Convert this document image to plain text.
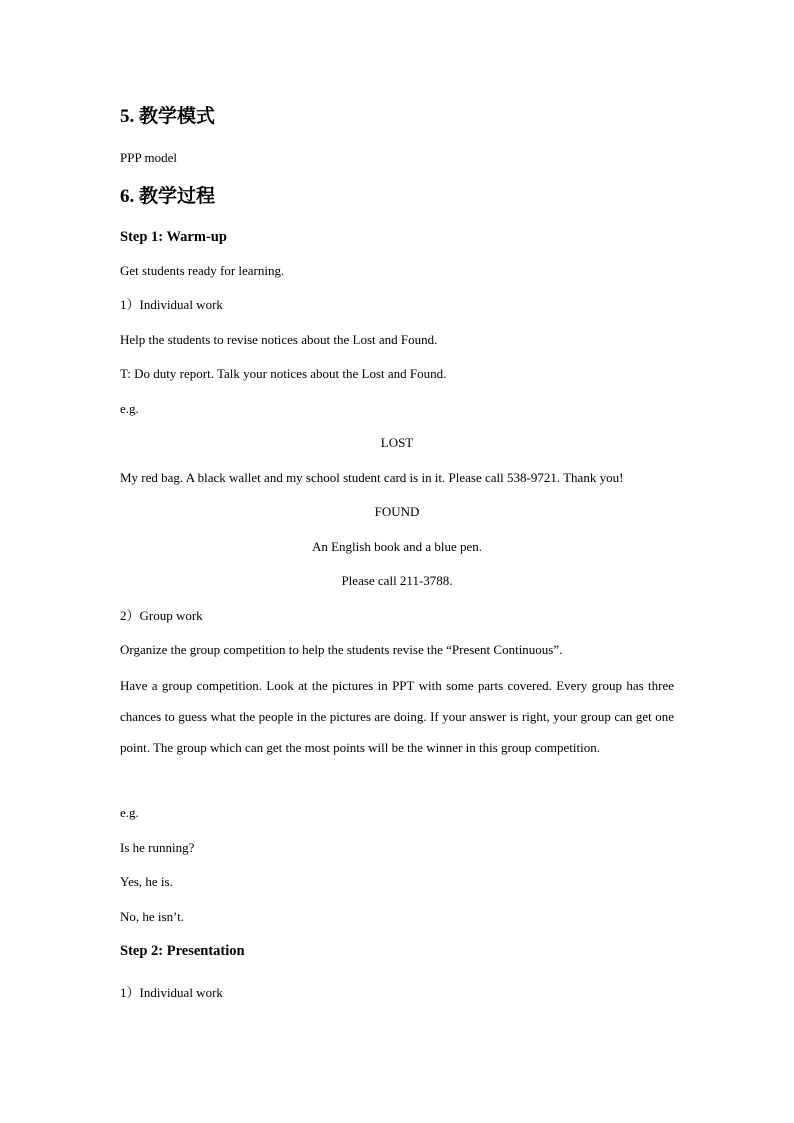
5. 教学模式
PPP model
6. 教学过程
Step 1: Warm-up
Get students ready for learning.
1）Individual work
Help the students to revise notices about the Lost and Found.
T: Do duty report. Talk your notices about the Lost and Found.
e.g.
LOST
My red bag. A black wallet and my school student card is in it. Please call 538-9721. Thank you!
FOUND
An English book and a blue pen.
Please call 211-3788.
2）Group work
Organize the group competition to help the students revise the “Present Continuous”.
Have a group competition. Look at the pictures in PPT with some parts covered. Every group has three chances to guess what the people in the pictures are doing. If your answer is right, your group can get one point. The group which can get the most points will be the winner in this group competition.
e.g.
Is he running?
Yes, he is.
No, he isn’t.
Step 2: Presentation
1）Individual work
